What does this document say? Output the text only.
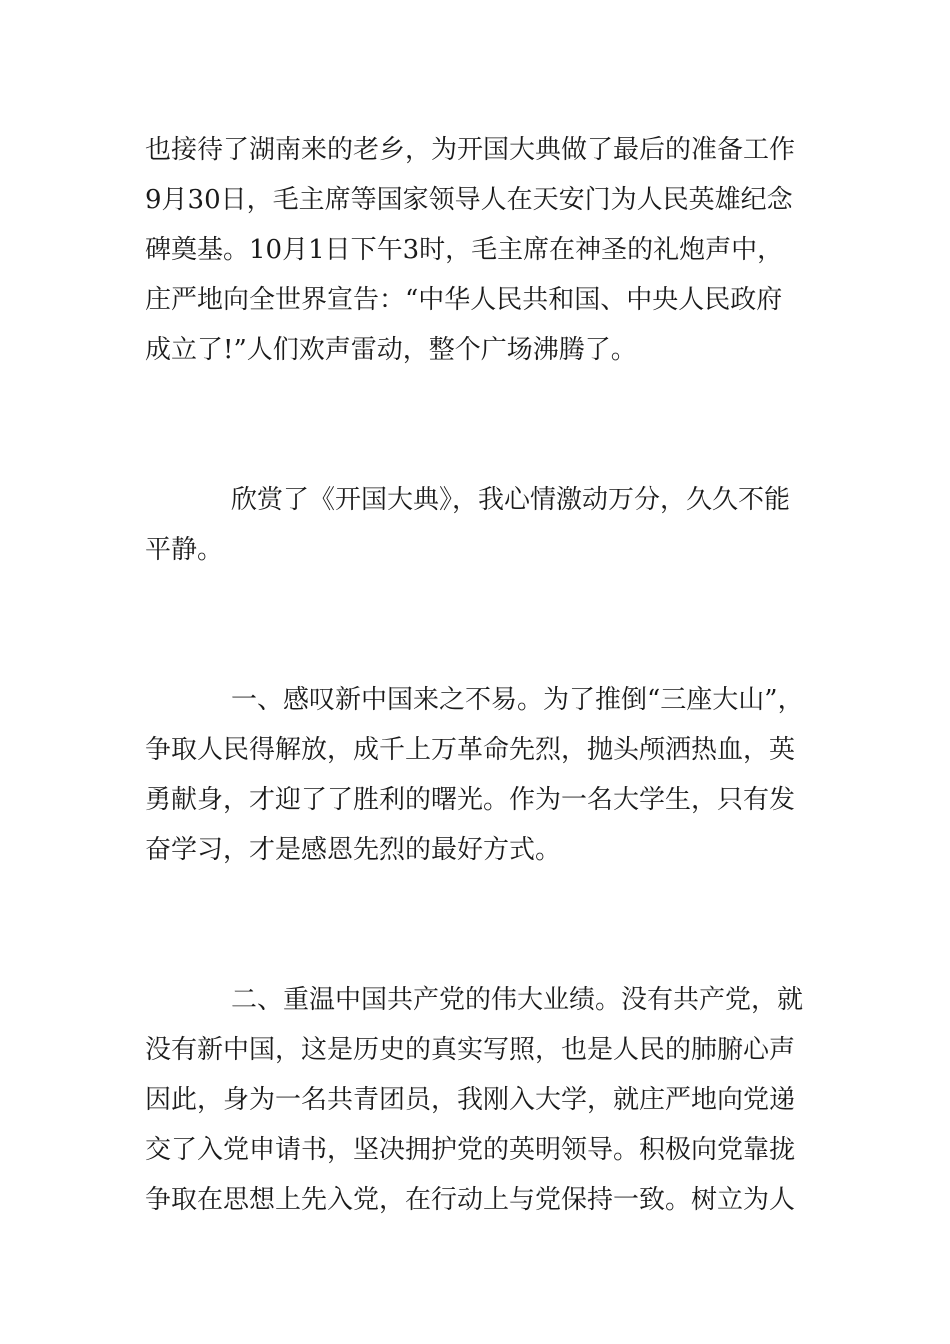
也接待了湖南来的老乡，为开国大典做了最后的准备工作

9月30日，毛主席等国家领导人在天安门为人民英雄纪念

碑奠基。10月1日下午3时，毛主席在神圣的礼炮声中，

庄严地向全世界宣告：“中华人民共和国、中央人民政府

成立了!”人们欢声雷动，整个广场沸腾了。

欣赏了《开国大典》，我心情激动万分，久久不能

平静。

一、感叹新中国来之不易。为了推倒“三座大山”，

争取人民得解放，成千上万革命先烈，抛头颅洒热血，英

勇献身，才迎了了胜利的曙光。作为一名大学生，只有发

奋学习，才是感恩先烈的最好方式。

二、重温中国共产党的伟大业绩。没有共产党，就

没有新中国，这是历史的真实写照，也是人民的肺腑心声

因此，身为一名共青团员，我刚入大学，就庄严地向党递

交了入党申请书，坚决拥护党的英明领导。积极向党靠拢

争取在思想上先入党，在行动上与党保持一致。树立为人
